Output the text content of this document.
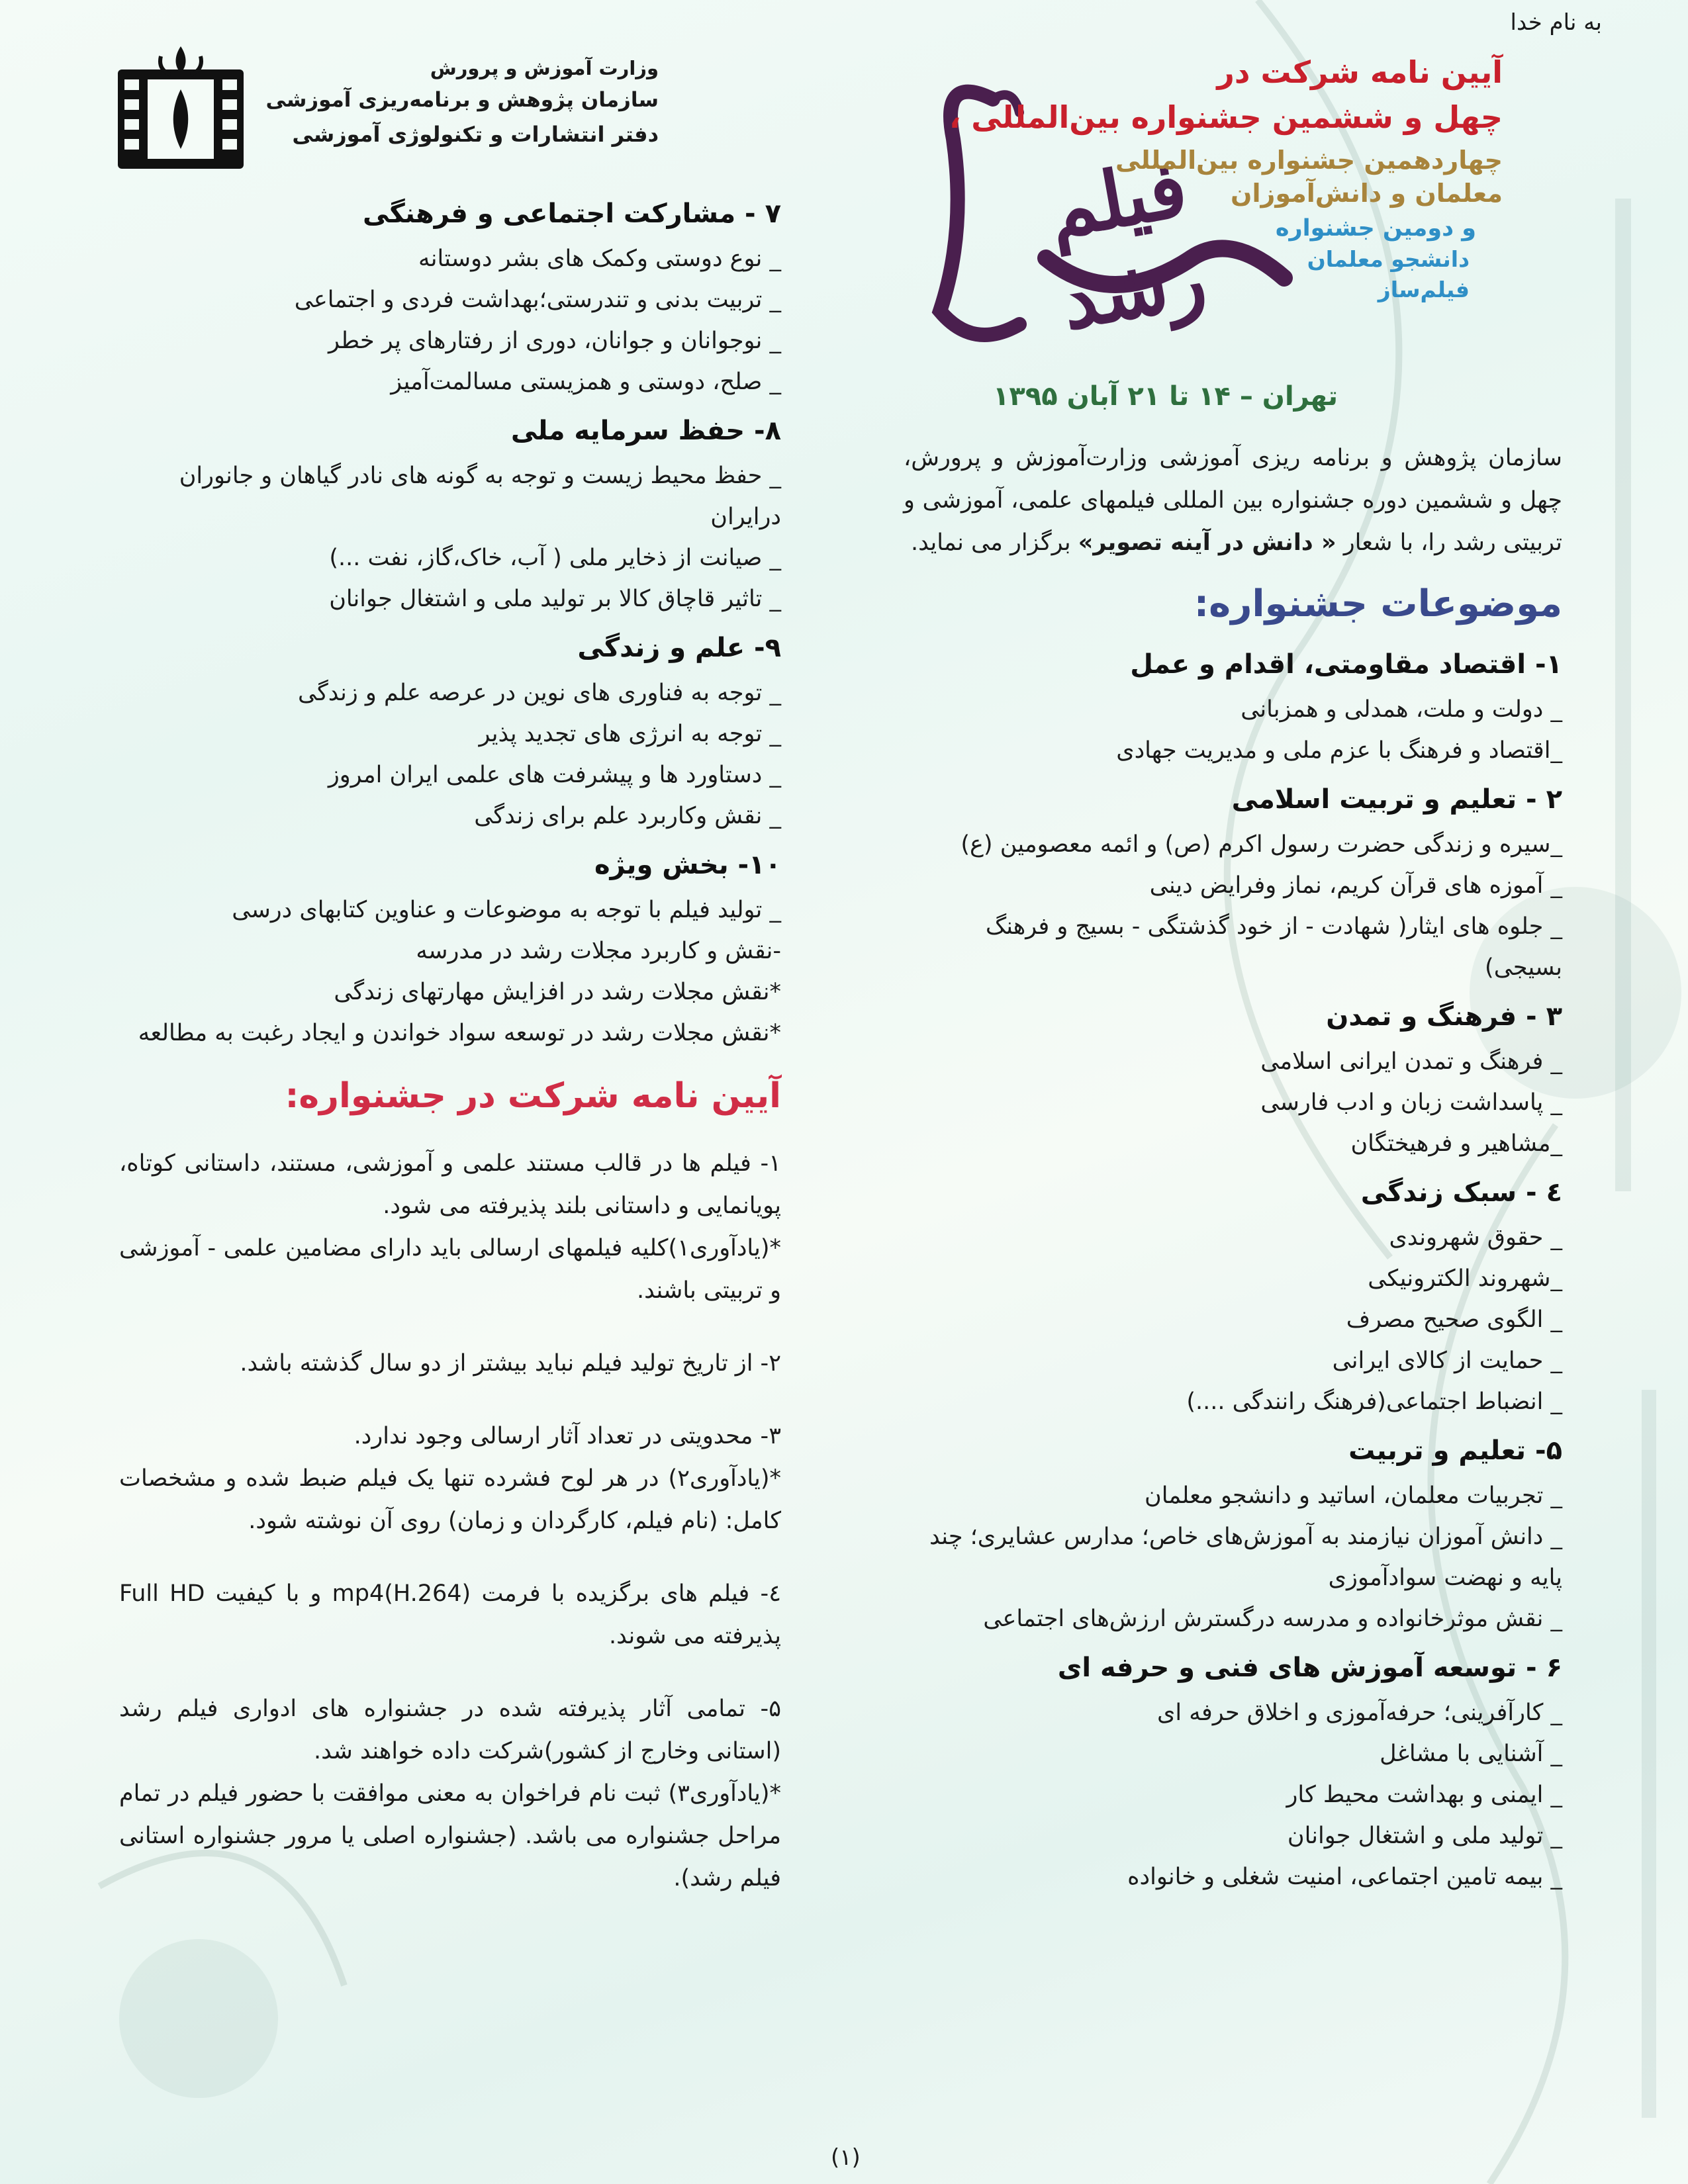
وزارت آموزش و پرورش
سازمان پژوهش و برنامه‌ریزی آموزشی
دفتر انتشارات و تکنولوژی آموزشی
به نام خدا
فیلم رشد
آیین نامه شرکت در
چهل و ششمین جشنواره بین‌المللی ،
چهاردهمین جشنواره بین‌المللی
معلمان و دانش‌آموزان
و دومین جشنواره
دانشجو معلمان
فیلم‌ساز
تهران – ۱۴ تا ۲۱ آبان ۱۳۹۵

سازمان پژوهش و برنامه ریزی آموزشی وزارت‌آموزش و پرورش، چهل و ششمین دوره جشنواره بین المللی فیلمهای علمی، آموزشی و تربیتی رشد را، با شعار « دانش در آینه تصویر» برگزار می نماید.

موضوعات جشنواره:

۱- اقتصاد مقاومتی، اقدام و عمل

_ دولت و ملت، همدلی و همزبانی

_اقتصاد و فرهنگ با عزم ملی و مدیریت جهادی

۲ - تعلیم و تربیت اسلامی

_سیره و زندگی حضرت رسول اکرم (ص) و ائمه معصومین (ع)

_ آموزه های قرآن کریم، نماز وفرایض دینی

_ جلوه های ایثار( شهادت - از خود گذشتگی - بسیج و فرهنگ بسیجی)

۳ - فرهنگ و تمدن

_ فرهنگ و تمدن ایرانی اسلامی

_ پاسداشت زبان و ادب فارسی

_مشاهیر و فرهیختگان

٤ - سبک زندگی

_ حقوق شهروندی

_شهروند الکترونیکی

_ الگوی صحیح مصرف

_ حمایت از کالای ایرانی

_ انضباط اجتماعی(فرهنگ رانندگی ....)

۵- تعلیم و تربیت

_ تجربیات معلمان، اساتید و دانشجو معلمان

_ دانش آموزان نیازمند به آموزش‌های خاص؛ مدارس عشایری؛ چند پایه و نهضت سوادآموزی

_ نقش موثرخانواده و مدرسه درگسترش ارزش‌های اجتماعی

۶ - توسعه آموزش های فنی و حرفه ای

_ کارآفرینی؛ حرفه‌آموزی و اخلاق حرفه ای

_ آشنایی با مشاغل

_ ایمنی و بهداشت محیط کار

_ تولید ملی و اشتغال جوانان

_ بیمه تامین اجتماعی، امنیت شغلی و خانواده

۷ - مشارکت اجتماعی و فرهنگی

_ نوع دوستی وکمک های بشر دوستانه

_ تربیت بدنی و تندرستی؛بهداشت فردی و اجتماعی

_ نوجوانان و جوانان، دوری از رفتارهای پر خطر

_ صلح، دوستی و همزیستی مسالمت‌آمیز

۸- حفظ سرمایه ملی

_ حفظ محیط زیست و توجه به گونه های نادر گیاهان و جانوران درایران

_ صیانت از ذخایر ملی ( آب، خاک،گاز، نفت ...)

_ تاثیر قاچاق کالا بر تولید ملی و اشتغال جوانان

۹- علم و زندگی

_ توجه به فناوری های نوین در عرصه علم و زندگی

_ توجه به انرژی های تجدید پذیر

_ دستاورد ها و پیشرفت های علمی ایران امروز

_ نقش وکاربرد علم برای زندگی

۱۰- بخش ویژه

_ تولید فیلم با توجه به موضوعات و عناوین کتابهای درسی

-نقش و کاربرد مجلات رشد در مدرسه

*نقش مجلات رشد در افزایش مهارتهای زندگی

*نقش مجلات رشد در توسعه سواد خواندن و ایجاد رغبت به مطالعه

آیین نامه شرکت در جشنواره:

۱- فیلم ها در قالب مستند علمی و آموزشی، مستند، داستانی کوتاه، پویانمایی و داستانی بلند پذیرفته می شود.

*(یادآوری۱)کلیه فیلمهای ارسالی باید دارای مضامین علمی - آموزشی و تربیتی باشند.

۲- از تاریخ تولید فیلم نباید بیشتر از دو سال گذشته باشد.

۳- محدویتی در تعداد آثار ارسالی وجود ندارد.

*(یادآوری۲) در هر لوح فشرده تنها یک فیلم ضبط شده و مشخصات کامل: (نام فیلم، کارگردان و زمان) روی آن نوشته شود.

٤- فیلم های برگزیده با فرمت mp4(H.264) و با کیفیت Full HD پذیرفته می شوند.

۵- تمامی آثار پذیرفته شده در جشنواره های ادواری فیلم رشد (استانی وخارج از کشور)شرکت داده خواهند شد.

*(یادآوری۳) ثبت نام فراخوان به معنی موافقت با حضور فیلم در تمام مراحل جشنواره می باشد. (جشنواره اصلی یا مرور جشنواره استانی فیلم رشد).

(۱)
